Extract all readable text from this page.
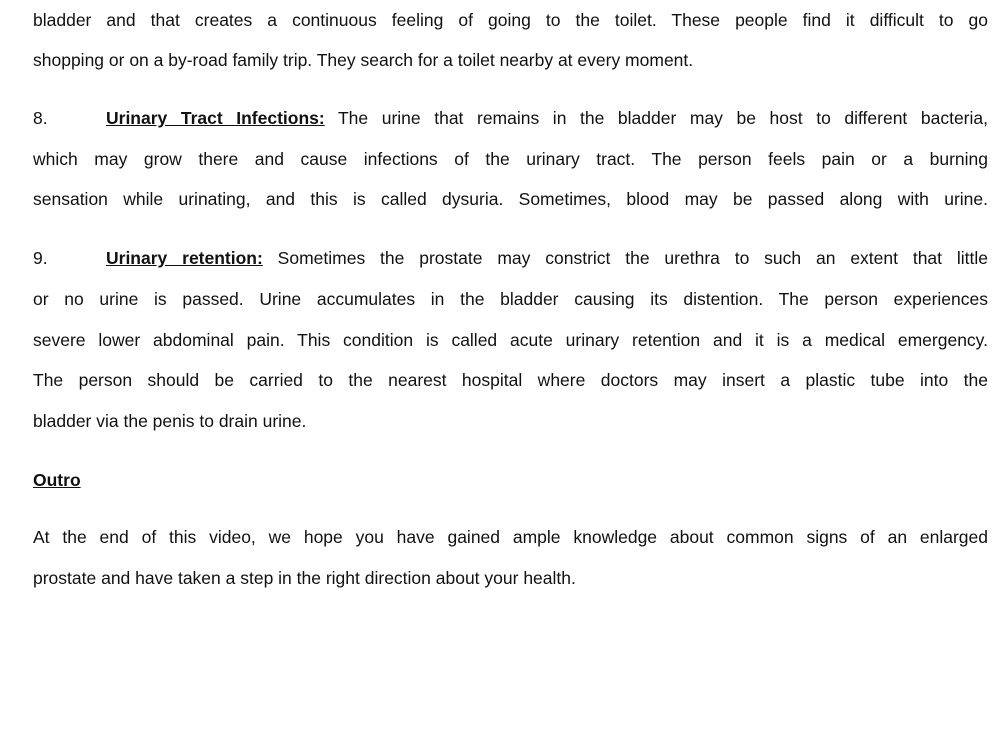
bladder and that creates a continuous feeling of going to the toilet. These people find it difficult to go
shopping or on a by-road family trip. They search for a toilet nearby at every moment.
8.	Urinary Tract Infections: The urine that remains in the bladder may be host to different bacteria,
which may grow there and cause infections of the urinary tract. The person feels pain or a burning
sensation while urinating, and this is called dysuria. Sometimes, blood may be passed along with urine.
9.	Urinary retention: Sometimes the prostate may constrict the urethra to such an extent that little
or no urine is passed. Urine accumulates in the bladder causing its distention. The person experiences
severe lower abdominal pain. This condition is called acute urinary retention and it is a medical emergency.
The person should be carried to the nearest hospital where doctors may insert a plastic tube into the
bladder via the penis to drain urine.
Outro
At the end of this video, we hope you have gained ample knowledge about common signs of an enlarged
prostate and have taken a step in the right direction about your health.
